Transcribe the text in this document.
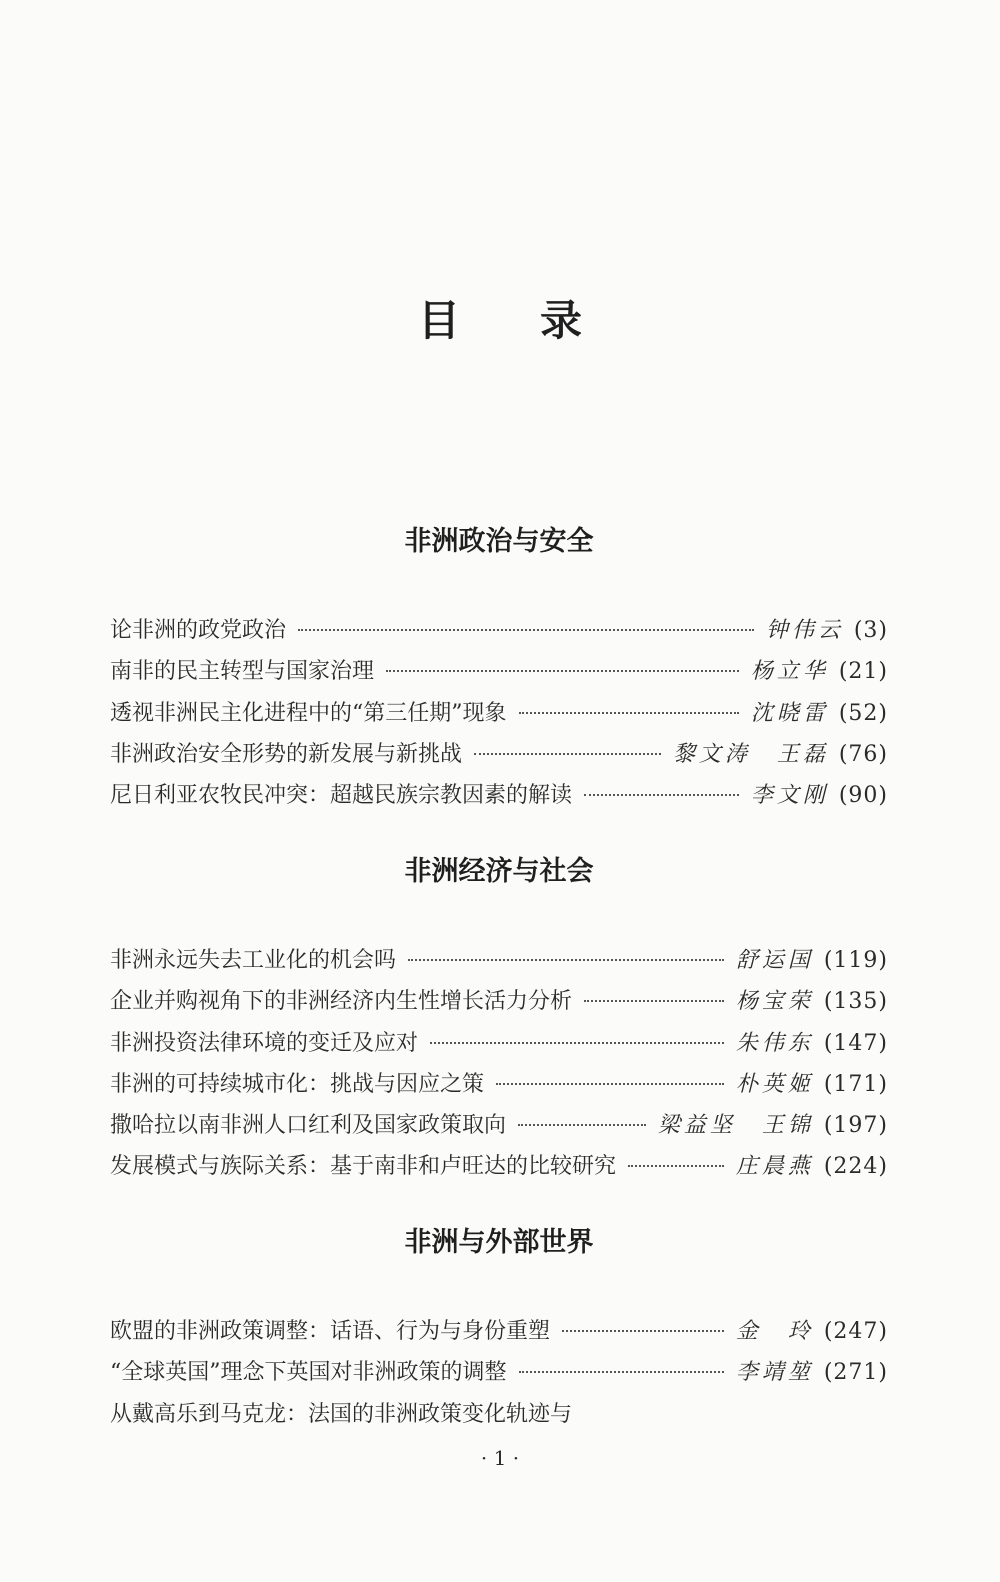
目 录
非洲政治与安全
论非洲的政党政治	钟伟云 (3)
南非的民主转型与国家治理	杨立华 (21)
透视非洲民主化进程中的“第三任期”现象	沈晓雷 (52)
非洲政治安全形势的新发展与新挑战	黎文涛　王磊 (76)
尼日利亚农牧民冲突：超越民族宗教因素的解读	李文刚 (90)
非洲经济与社会
非洲永远失去工业化的机会吗	舒运国 (119)
企业并购视角下的非洲经济内生性增长活力分析	杨宝荣 (135)
非洲投资法律环境的变迁及应对	朱伟东 (147)
非洲的可持续城市化：挑战与因应之策	朴英姬 (171)
撒哈拉以南非洲人口红利及国家政策取向	梁益坚　王锦 (197)
发展模式与族际关系：基于南非和卢旺达的比较研究	庄晨燕 (224)
非洲与外部世界
欧盟的非洲政策调整：话语、行为与身份重塑	金　玲 (247)
“全球英国”理念下英国对非洲政策的调整	李靖堃 (271)
从戴高乐到马克龙：法国的非洲政策变化轨迹与
· 1 ·
